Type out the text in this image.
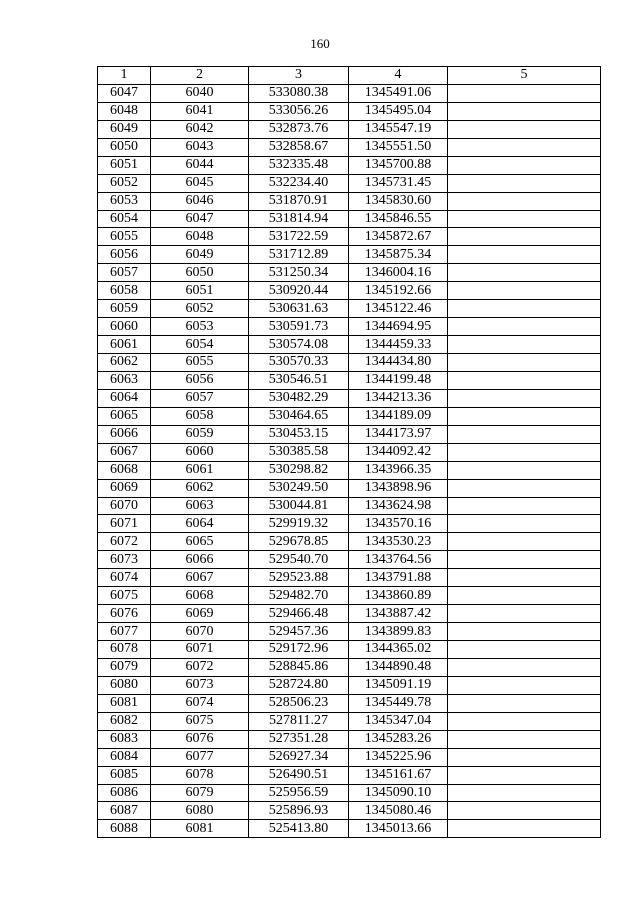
160
1	2	3	4	5
6047	6040	533080.38	1345491.06	
6048	6041	533056.26	1345495.04	
6049	6042	532873.76	1345547.19	
6050	6043	532858.67	1345551.50	
6051	6044	532335.48	1345700.88	
6052	6045	532234.40	1345731.45	
6053	6046	531870.91	1345830.60	
6054	6047	531814.94	1345846.55	
6055	6048	531722.59	1345872.67	
6056	6049	531712.89	1345875.34	
6057	6050	531250.34	1346004.16	
6058	6051	530920.44	1345192.66	
6059	6052	530631.63	1345122.46	
6060	6053	530591.73	1344694.95	
6061	6054	530574.08	1344459.33	
6062	6055	530570.33	1344434.80	
6063	6056	530546.51	1344199.48	
6064	6057	530482.29	1344213.36	
6065	6058	530464.65	1344189.09	
6066	6059	530453.15	1344173.97	
6067	6060	530385.58	1344092.42	
6068	6061	530298.82	1343966.35	
6069	6062	530249.50	1343898.96	
6070	6063	530044.81	1343624.98	
6071	6064	529919.32	1343570.16	
6072	6065	529678.85	1343530.23	
6073	6066	529540.70	1343764.56	
6074	6067	529523.88	1343791.88	
6075	6068	529482.70	1343860.89	
6076	6069	529466.48	1343887.42	
6077	6070	529457.36	1343899.83	
6078	6071	529172.96	1344365.02	
6079	6072	528845.86	1344890.48	
6080	6073	528724.80	1345091.19	
6081	6074	528506.23	1345449.78	
6082	6075	527811.27	1345347.04	
6083	6076	527351.28	1345283.26	
6084	6077	526927.34	1345225.96	
6085	6078	526490.51	1345161.67	
6086	6079	525956.59	1345090.10	
6087	6080	525896.93	1345080.46	
6088	6081	525413.80	1345013.66	
